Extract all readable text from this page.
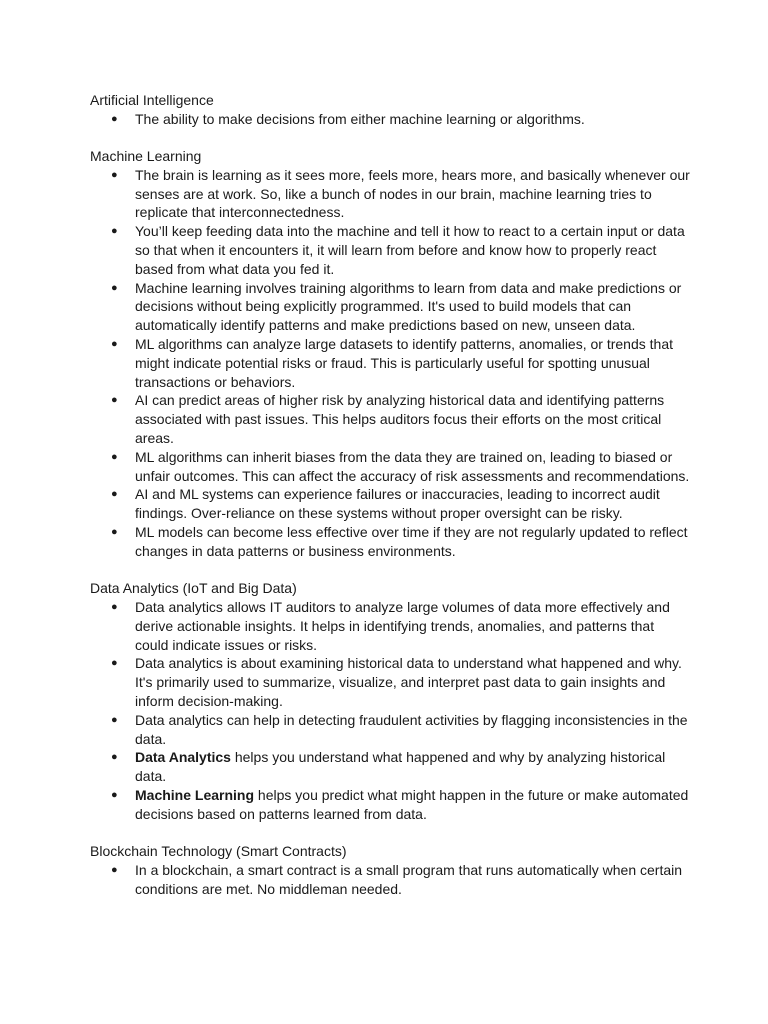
Artificial Intelligence

● The ability to make decisions from either machine learning or algorithms.

Machine Learning

● The brain is learning as it sees more, feels more, hears more, and basically whenever our senses are at work. So, like a bunch of nodes in our brain, machine learning tries to replicate that interconnectedness.
● You’ll keep feeding data into the machine and tell it how to react to a certain input or data so that when it encounters it, it will learn from before and know how to properly react based from what data you fed it.
● Machine learning involves training algorithms to learn from data and make predictions or decisions without being explicitly programmed. It's used to build models that can automatically identify patterns and make predictions based on new, unseen data.
● ML algorithms can analyze large datasets to identify patterns, anomalies, or trends that might indicate potential risks or fraud. This is particularly useful for spotting unusual transactions or behaviors.
● AI can predict areas of higher risk by analyzing historical data and identifying patterns associated with past issues. This helps auditors focus their efforts on the most critical areas.
● ML algorithms can inherit biases from the data they are trained on, leading to biased or unfair outcomes. This can affect the accuracy of risk assessments and recommendations.
● AI and ML systems can experience failures or inaccuracies, leading to incorrect audit findings. Over-reliance on these systems without proper oversight can be risky.
● ML models can become less effective over time if they are not regularly updated to reflect changes in data patterns or business environments.

Data Analytics (IoT and Big Data)

● Data analytics allows IT auditors to analyze large volumes of data more effectively and derive actionable insights. It helps in identifying trends, anomalies, and patterns that could indicate issues or risks.
● Data analytics is about examining historical data to understand what happened and why. It's primarily used to summarize, visualize, and interpret past data to gain insights and inform decision-making.
● Data analytics can help in detecting fraudulent activities by flagging inconsistencies in the data.
● Data Analytics helps you understand what happened and why by analyzing historical data.
● Machine Learning helps you predict what might happen in the future or make automated decisions based on patterns learned from data.

Blockchain Technology (Smart Contracts)

● In a blockchain, a smart contract is a small program that runs automatically when certain conditions are met. No middleman needed.
